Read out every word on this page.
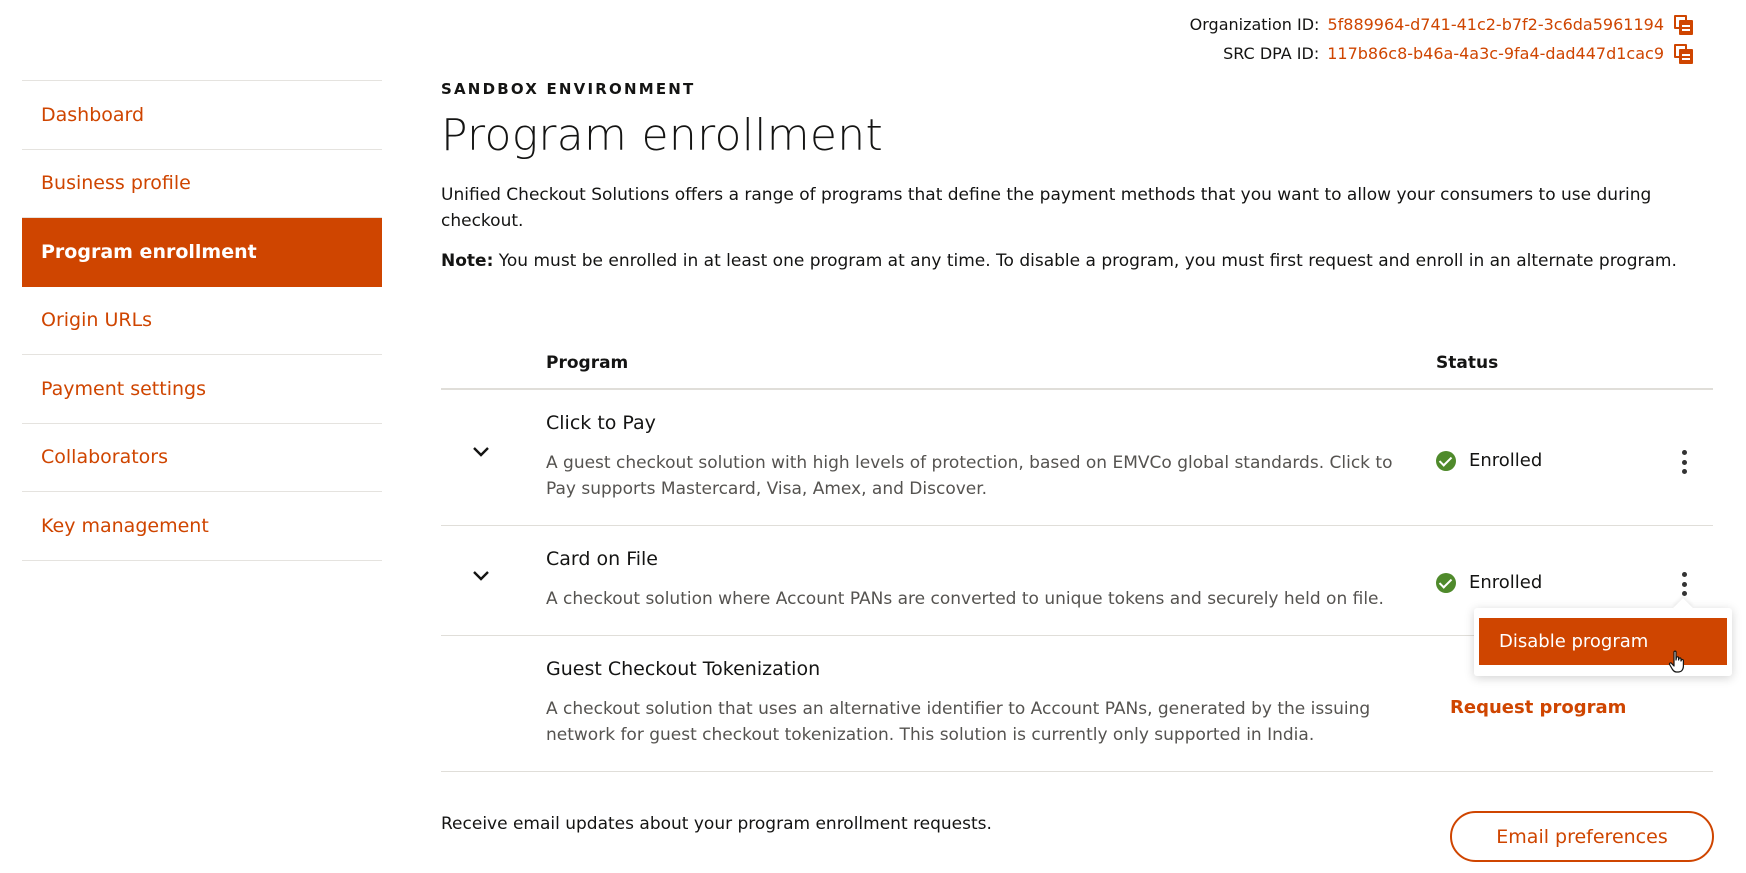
Organization ID: 5f889964-d741-41c2-b7f2-3c6da5961194
SRC DPA ID: 117b86c8-b46a-4a3c-9fa4-dad447d1cac9
Dashboard
Business profile
Program enrollment
Origin URLs
Payment settings
Collaborators
Key management
SANDBOX ENVIRONMENT
Program enrollment

Unified Checkout Solutions offers a range of programs that define the payment methods that you want to allow your consumers to use during checkout.

Note: You must be enrolled in at least one program at any time. To disable a program, you must first request and enroll in an alternate program.

Program	Status
Click to Pay
A guest checkout solution with high levels of protection, based on EMVCo global standards. Click to Pay supports Mastercard, Visa, Amex, and Discover.
Enrolled
Card on File
A checkout solution where Account PANs are converted to unique tokens and securely held on file.
Enrolled
Guest Checkout Tokenization
A checkout solution that uses an alternative identifier to Account PANs, generated by the issuing network for guest checkout tokenization. This solution is currently only supported in India.
Request program
Disable program
Receive email updates about your program enrollment requests.
Email preferences
